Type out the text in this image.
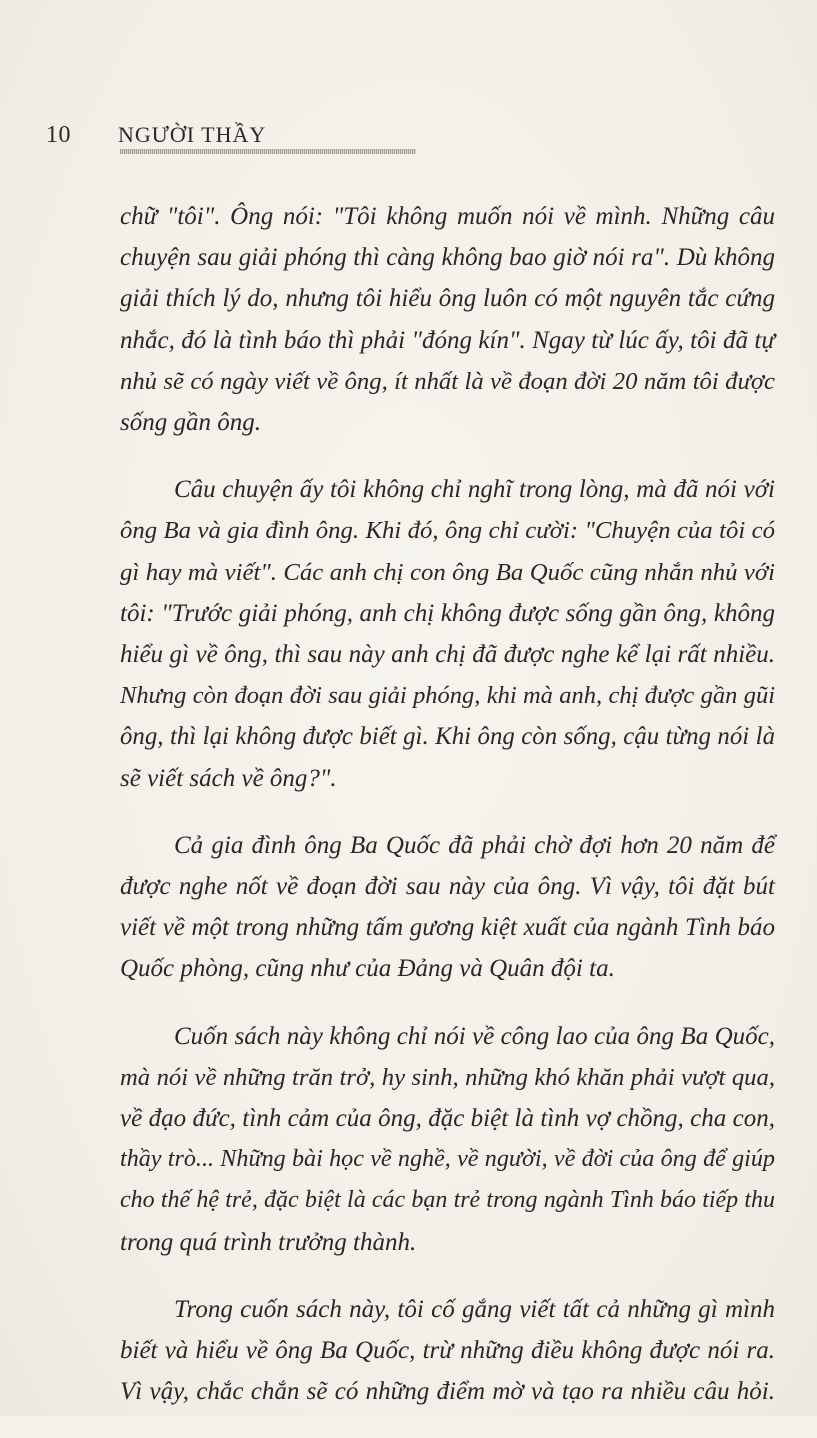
10 NGƯỜI THẦY

chữ "tôi". Ông nói: "Tôi không muốn nói về mình. Những câu
chuyện sau giải phóng thì càng không bao giờ nói ra". Dù không
giải thích lý do, nhưng tôi hiểu ông luôn có một nguyên tắc cứng
nhắc, đó là tình báo thì phải "đóng kín". Ngay từ lúc ấy, tôi đã tự
nhủ sẽ có ngày viết về ông, ít nhất là về đoạn đời 20 năm tôi được
sống gần ông.

Câu chuyện ấy tôi không chỉ nghĩ trong lòng, mà đã nói với
ông Ba và gia đình ông. Khi đó, ông chỉ cười: "Chuyện của tôi có
gì hay mà viết". Các anh chị con ông Ba Quốc cũng nhắn nhủ với
tôi: "Trước giải phóng, anh chị không được sống gần ông, không
hiểu gì về ông, thì sau này anh chị đã được nghe kể lại rất nhiều.
Nhưng còn đoạn đời sau giải phóng, khi mà anh, chị được gần gũi
ông, thì lại không được biết gì. Khi ông còn sống, cậu từng nói là
sẽ viết sách về ông?".

Cả gia đình ông Ba Quốc đã phải chờ đợi hơn 20 năm để
được nghe nốt về đoạn đời sau này của ông. Vì vậy, tôi đặt bút
viết về một trong những tấm gương kiệt xuất của ngành Tình báo
Quốc phòng, cũng như của Đảng và Quân đội ta.

Cuốn sách này không chỉ nói về công lao của ông Ba Quốc,
mà nói về những trăn trở, hy sinh, những khó khăn phải vượt qua,
về đạo đức, tình cảm của ông, đặc biệt là tình vợ chồng, cha con,
thầy trò... Những bài học về nghề, về người, về đời của ông để giúp
cho thế hệ trẻ, đặc biệt là các bạn trẻ trong ngành Tình báo tiếp thu
trong quá trình trưởng thành.

Trong cuốn sách này, tôi cố gắng viết tất cả những gì mình
biết và hiểu về ông Ba Quốc, trừ những điều không được nói ra.
Vì vậy, chắc chắn sẽ có những điểm mờ và tạo ra nhiều câu hỏi.
